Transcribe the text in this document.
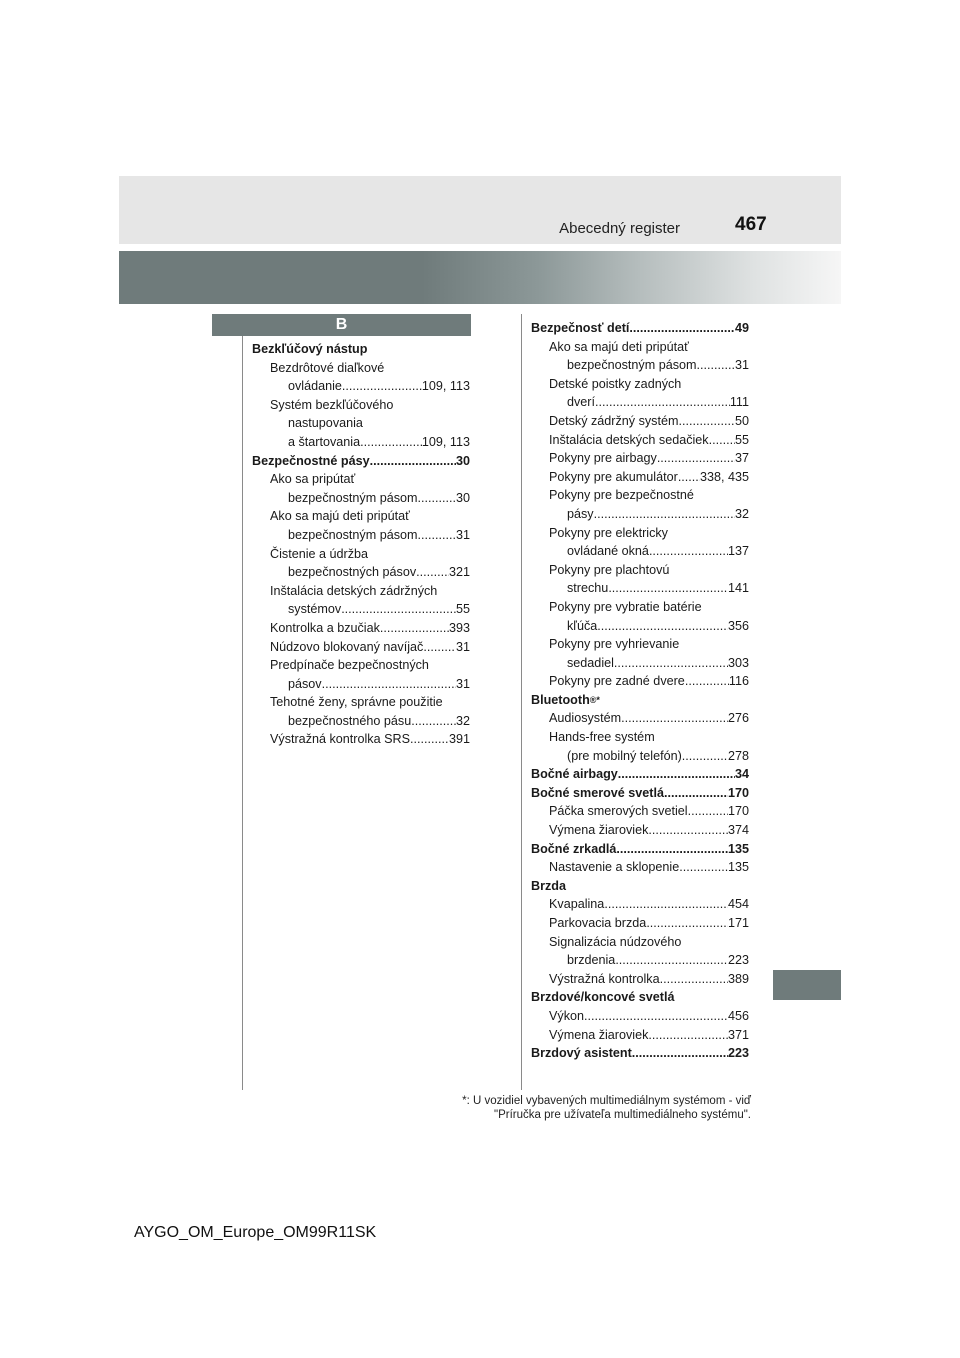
Abecedný register	467
B
Bezkľúčový nástup
Bezdrôtové diaľkové
ovládanie .....	109, 113
Systém bezkľúčového
nastupovania
a štartovania .....	109, 113
Bezpečnostné pásy .....	30
Ako sa pripútať
bezpečnostným pásom .....	30
Ako sa majú deti pripútať
bezpečnostným pásom .....	31
Čistenie a údržba
bezpečnostných pásov .....	321
Inštalácia detských zádržných
systémov .....	55
Kontrolka a bzučiak .....	393
Núdzovo blokovaný navíjač .....	31
Predpínače bezpečnostných
pásov .....	31
Tehotné ženy, správne použitie
bezpečnostného pásu .....	32
Výstražná kontrolka SRS .....	391
Bezpečnosť detí .....	49
Ako sa majú deti pripútať
bezpečnostným pásom .....	31
Detské poistky zadných
dverí .....	111
Detský zádržný systém .....	50
Inštalácia detských sedačiek ..... 55
Pokyny pre airbagy .....	37
Pokyny pre akumulátor ..... 338, 435
Pokyny pre bezpečnostné
pásy .....	32
Pokyny pre elektricky
ovládané okná .....	137
Pokyny pre plachtovú
strechu .....	141
Pokyny pre vybratie batérie
kľúča .....	356
Pokyny pre vyhrievanie
sedadiel .....	303
Pokyny pre zadné dvere .....	116
Bluetooth ®*
Audiosystém .....	276
Hands-free systém
(pre mobilný telefón) .....	278
Bočné airbagy .....	34
Bočné smerové svetlá .....	170
Páčka smerových svetiel .....	170
Výmena žiaroviek .....	374
Bočné zrkadlá .....	135
Nastavenie a sklopenie .....	135
Brzda
Kvapalina .....	454
Parkovacia brzda .....	171
Signalizácia núdzového
brzdenia .....	223
Výstražná kontrolka .....	389
Brzdové/koncové svetlá
Výkon .....	456
Výmena žiaroviek .....	371
Brzdový asistent .....	223
*: U vozidiel vybavených multimediálnym systémom - viď
"Príručka pre užívateľa multimediálneho systému".
AYGO_OM_Europe_OM99R11SK
